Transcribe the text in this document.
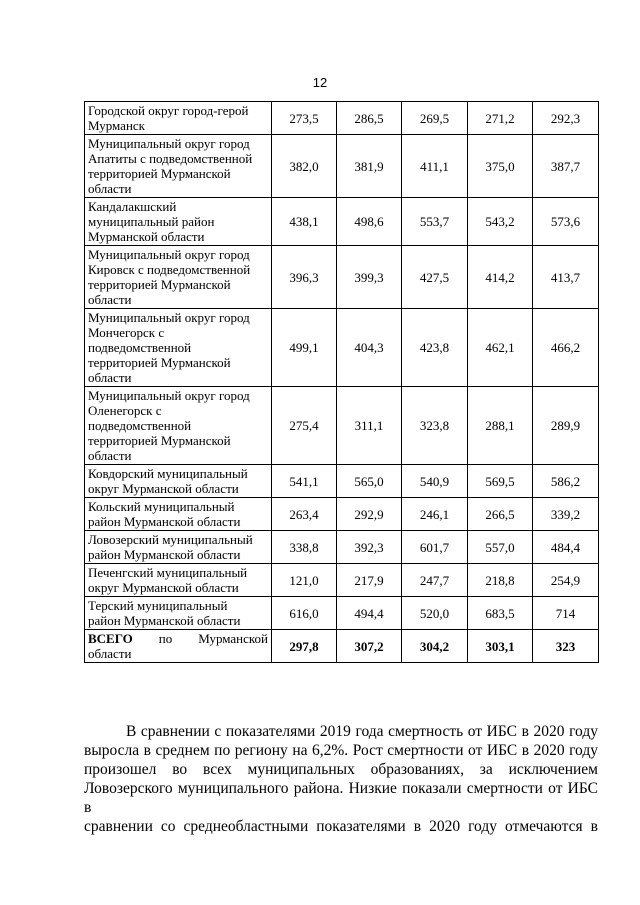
12
Городской округ город-герой
Мурманск	273,5	286,5	269,5	271,2	292,3

Муниципальный округ город
Апатиты с подведомственной
территорией Мурманской
области	382,0	381,9	411,1	375,0	387,7

Кандалакшский
муниципальный район
Мурманской области	438,1	498,6	553,7	543,2	573,6

Муниципальный округ город
Кировск с подведомственной
территорией Мурманской
области	396,3	399,3	427,5	414,2	413,7

Муниципальный округ город
Мончегорск с
подведомственной
территорией Мурманской
области	499,1	404,3	423,8	462,1	466,2

Муниципальный округ город
Оленегорск с
подведомственной
территорией Мурманской
области	275,4	311,1	323,8	288,1	289,9

Ковдорский муниципальный
округ Мурманской области	541,1	565,0	540,9	569,5	586,2

Кольский муниципальный
район Мурманской области	263,4	292,9	246,1	266,5	339,2

Ловозерский муниципальный
район Мурманской области	338,8	392,3	601,7	557,0	484,4

Печенгский муниципальный
округ Мурманской области	121,0	217,9	247,7	218,8	254,9

Терский муниципальный
район Мурманской области	616,0	494,4	520,0	683,5	714

ВСЕГО по Мурманской
области	297,8	307,2	304,2	303,1	323
В сравнении с показателями 2019 года смертность от ИБС в 2020 году
выросла в среднем по региону на 6,2%. Рост смертности от ИБС в 2020 году
произошел во всех муниципальных образованиях, за исключением
Ловозерского муниципального района. Низкие показали смертности от ИБС в
сравнении со среднеобластными показателями в 2020 году отмечаются в
